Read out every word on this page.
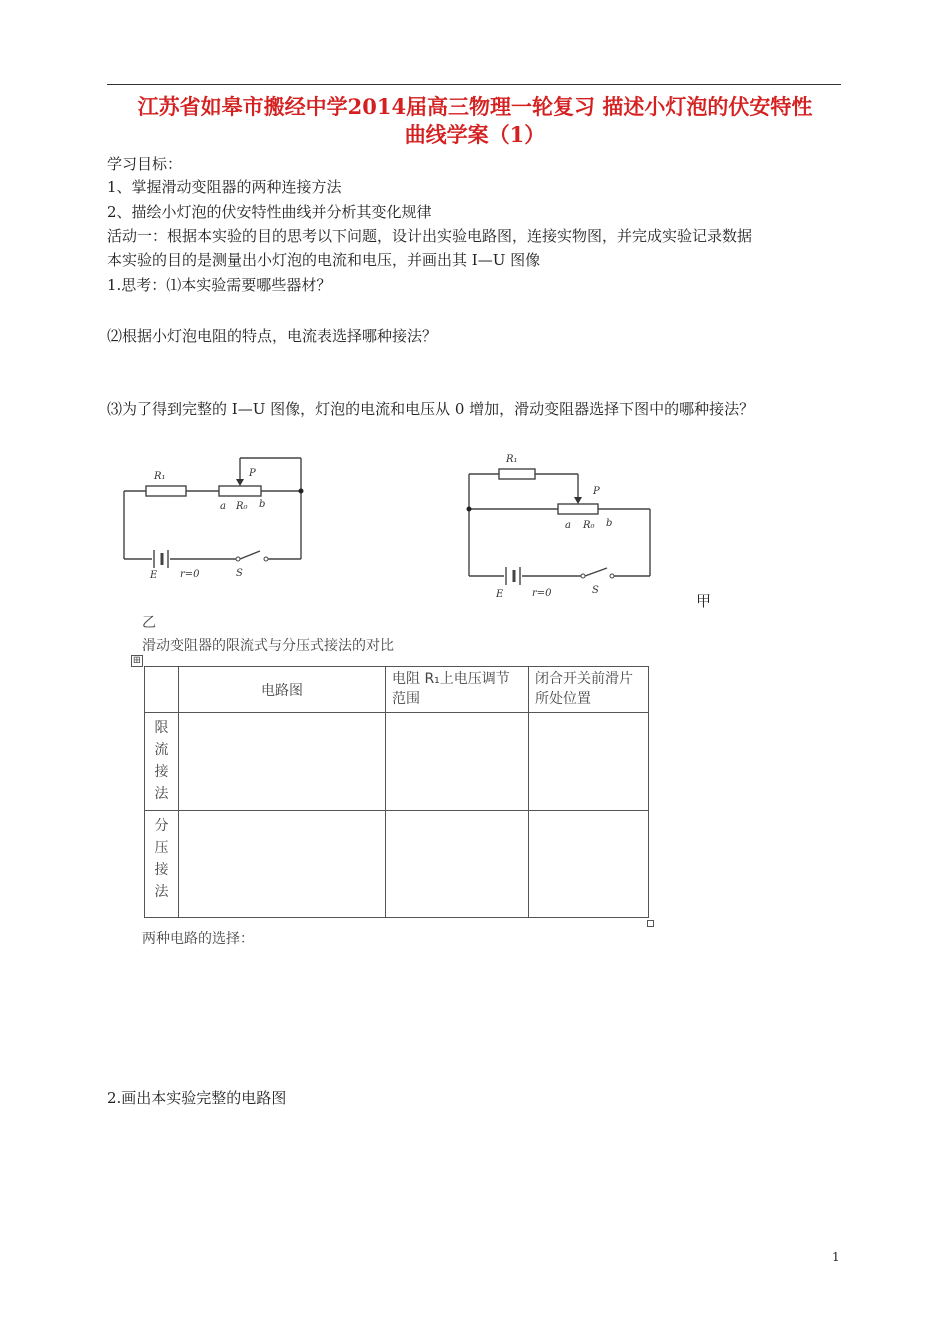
江苏省如皋市搬经中学2014届高三物理一轮复习 描述小灯泡的伏安特性
曲线学案（1）
学习目标：
1、掌握滑动变阻器的两种连接方法
2、描绘小灯泡的伏安特性曲线并分析其变化规律
活动一：根据本实验的目的思考以下问题，设计出实验电路图，连接实物图，并完成实验记录数据
本实验的目的是测量出小灯泡的电流和电压，并画出其 I—U 图像
1.思考：⑴本实验需要哪些器材？
⑵根据小灯泡电阻的特点，电流表选择哪种接法？
⑶为了得到完整的 I—U 图像，灯泡的电流和电压从 0 增加，滑动变阻器选择下图中的哪种接法？
R₁	P
a R₀ b
E r=0	S
R₁
P
a R₀ b
E	r=0	S
甲
乙
滑动变阻器的限流式与分压式接法的对比
⊞
	电路图	电阻 R₁上电压调节范围	闭合开关前滑片所处位置

限
流
接
法			

分
压
接
法			

两种电路的选择：
2.画出本实验完整的电路图
1
